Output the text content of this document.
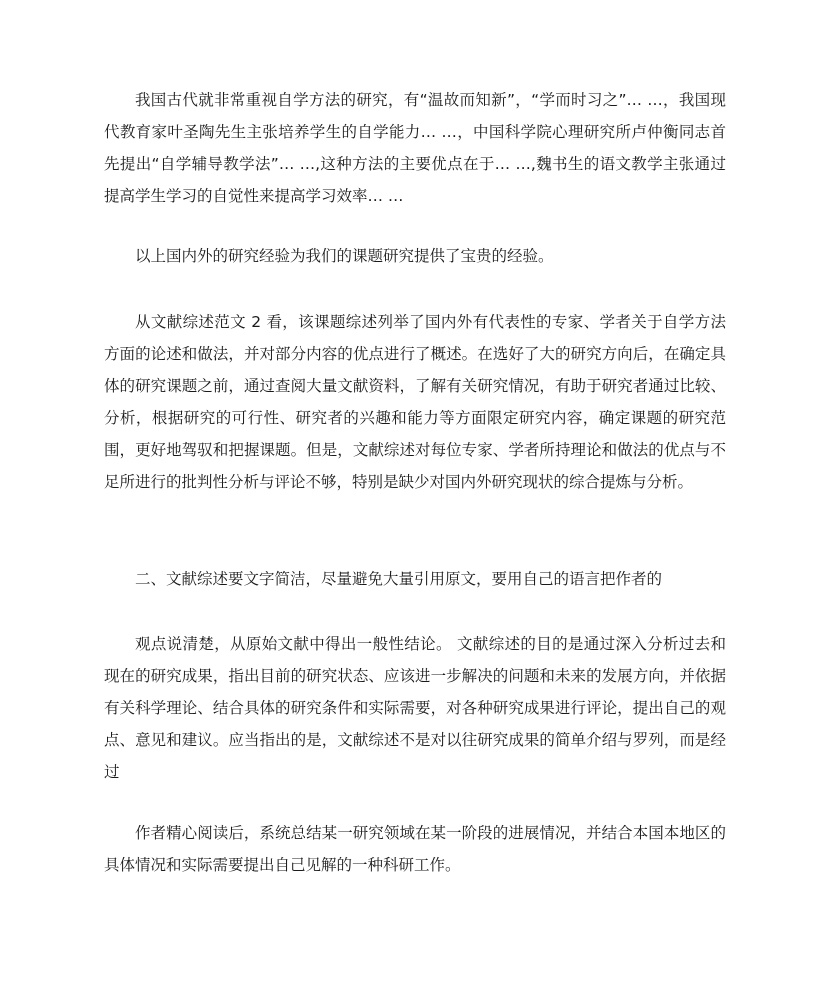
我国古代就非常重视自学方法的研究，有“温故而知新”，“学而时习之”… …，我国现代教育家叶圣陶先生主张培养学生的自学能力… …，中国科学院心理研究所卢仲衡同志首先提出“自学辅导教学法”… …,这种方法的主要优点在于… …,魏书生的语文教学主张通过提高学生学习的自觉性来提高学习效率… …

以上国内外的研究经验为我们的课题研究提供了宝贵的经验。

从文献综述范文 2 看，该课题综述列举了国内外有代表性的专家、学者关于自学方法方面的论述和做法，并对部分内容的优点进行了概述。在选好了大的研究方向后，在确定具体的研究课题之前，通过查阅大量文献资料，了解有关研究情况，有助于研究者通过比较、分析，根据研究的可行性、研究者的兴趣和能力等方面限定研究内容，确定课题的研究范围，更好地驾驭和把握课题。但是，文献综述对每位专家、学者所持理论和做法的优点与不足所进行的批判性分析与评论不够，特别是缺少对国内外研究现状的综合提炼与分析。

二、文献综述要文字简洁，尽量避免大量引用原文，要用自己的语言把作者的

观点说清楚，从原始文献中得出一般性结论。 文献综述的目的是通过深入分析过去和现在的研究成果，指出目前的研究状态、应该进一步解决的问题和未来的发展方向，并依据有关科学理论、结合具体的研究条件和实际需要，对各种研究成果进行评论，提出自己的观点、意见和建议。应当指出的是，文献综述不是对以往研究成果的简单介绍与罗列，而是经过

作者精心阅读后，系统总结某一研究领域在某一阶段的进展情况，并结合本国本地区的具体情况和实际需要提出自己见解的一种科研工作。
